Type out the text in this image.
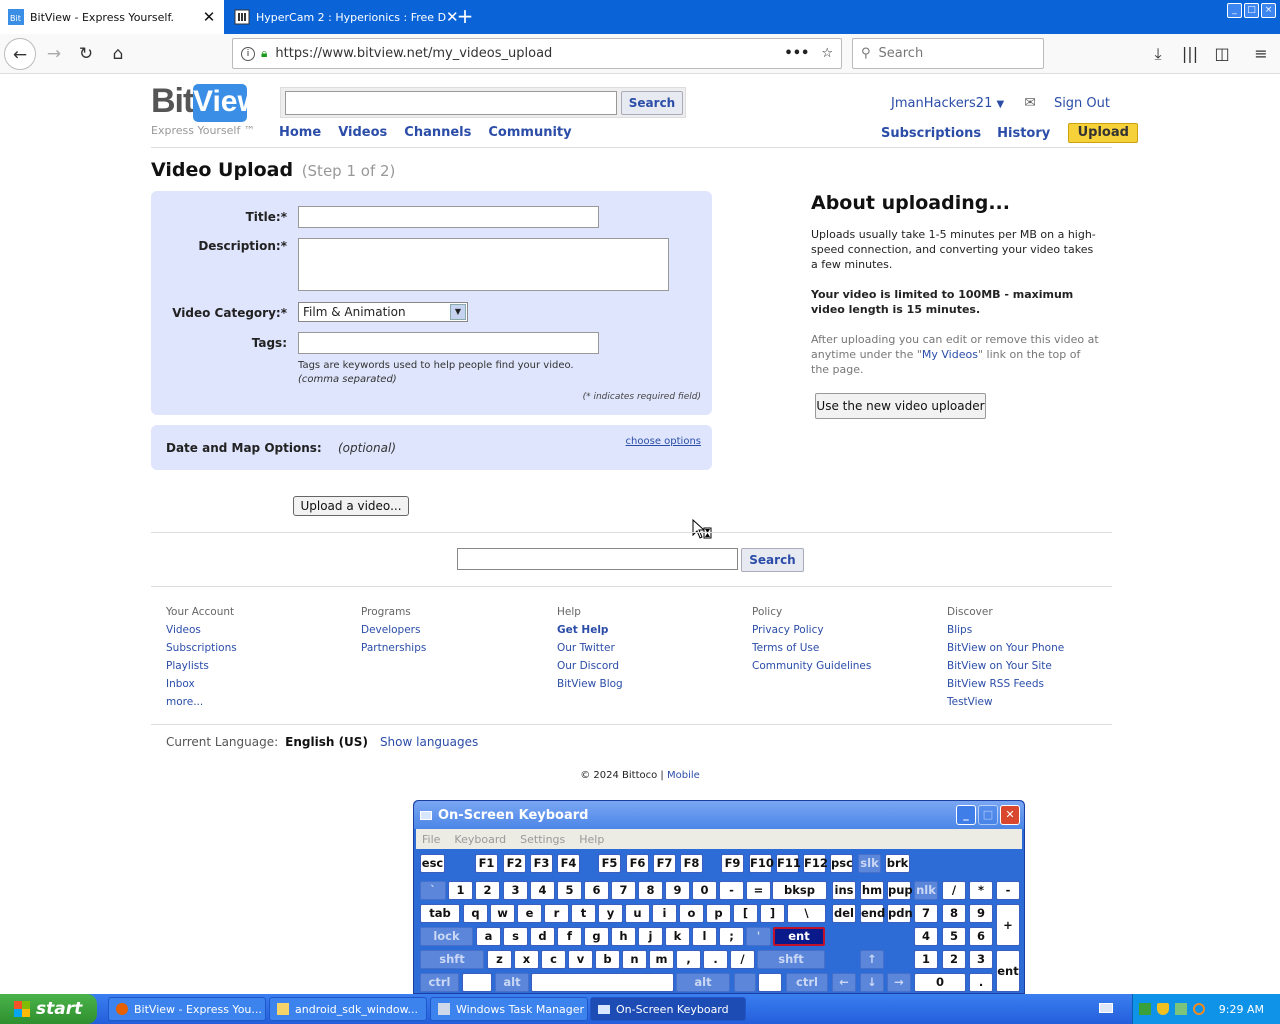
Bit BitView - Express Yourself.	✕	HyperCam 2 : Hyperionics : Free D ✕
+	_	□ ×
←	→	↻	⌂	i 🔒︎ https://www.bitview.net/my_videos_upload	••• ☆ ⚲ Search	⤓	|||	◫	≡
Bit View
Express Yourself ™
Search
Home Videos Channels Community
JmanHackers21 ▼ ✉ Sign Out
Subscriptions History	Upload
Video Upload (Step 1 of 2)
Title:*
Description:*
Video Category:*	Film & Animation	▼
Tags:
Tags are keywords used to help people find your video.
(comma separated)
(* indicates required field)
Date and Map Options: (optional)	choose options
Upload a video...
About uploading...

Uploads usually take 1-5 minutes per MB on a high-speed connection, and converting your video takes a few minutes.

Your video is limited to 100MB - maximum video length is 15 minutes.

After uploading you can edit or remove this video at anytime under the "My Videos" link on the top of the page.

Use the new video uploader
Search
Your Account
Videos
Subscriptions
Playlists
Inbox
more...
Programs
Developers
Partnerships
Help
Get Help
Our Twitter
Our Discord
BitView Blog
Policy
Privacy Policy
Terms of Use
Community Guidelines
Discover
Blips
BitView on Your Phone
BitView on Your Site
BitView RSS Feeds
TestView
Current Language: English (US) Show languages
© 2024 Bittoco | Mobile
On-Screen Keyboard	_	□	✕
File Keyboard Settings Help
esc	F1	F2 F3 F4	F5	F6 F7 F8	F9 F10 F11 F12 psc slk brk
`	1	2	3	4	5	6	7	8	9	0	-	=	bksp	ins hm pup nlk	/	*	-
tab	q	w	e	r	t	y	u	i	o	p	[	]	\	del end pdn 7	8	9
+
lock	a	s	d	f	g	h	j	k	l	;	'	ent	4	5	6
shft	z	x	c	v	b	n	m	,	.	/	shft	↑	1	2	3
ent
ctrl	alt	alt	ctrl	←	↓	→	0	.
start	BitView - Express You...	android_sdk_window...	Windows Task Manager	On-Screen Keyboard	9:29 AM
